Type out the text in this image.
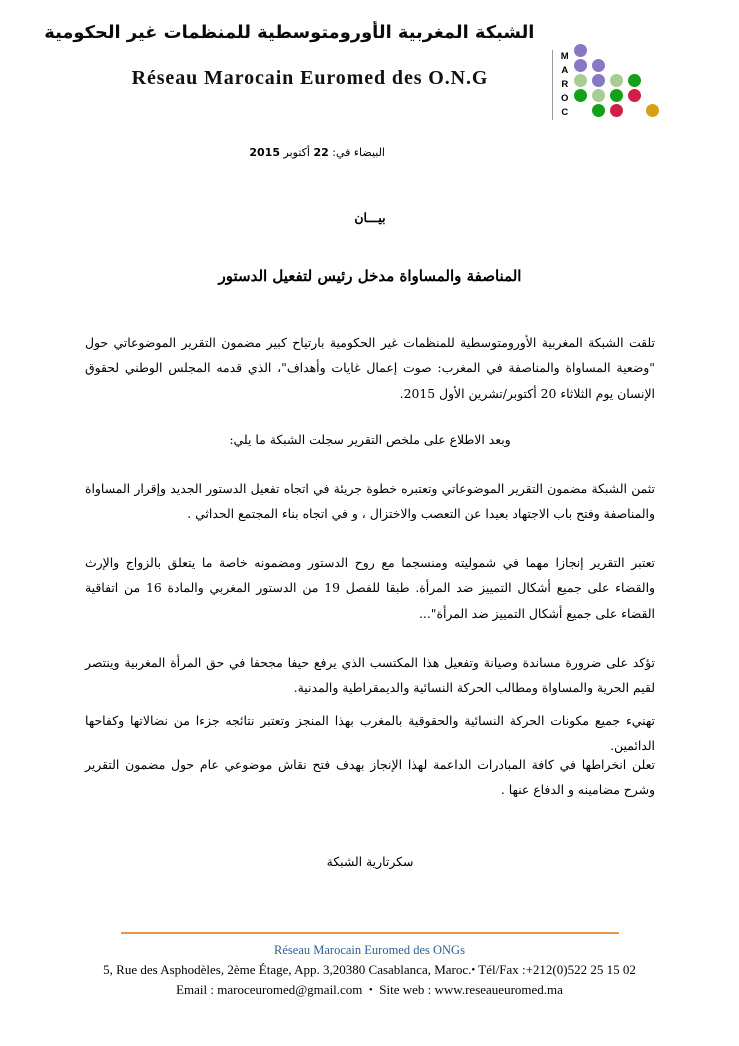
الشبكة المغربية الأورومتوسطية للمنظمات غير الحكومية
Réseau Marocain Euromed des O.N.G
M
A
R
O
C
البيضاء في: 22 أكتوبر 2015

بيـــان

المناصفة والمساواة مدخل رئيس لتفعيل الدستور

تلقت الشبكة المغربية الأورومتوسطية للمنظمات غير الحكومية بارتياح كبير مضمون التقرير الموضوعاتي حول "وضعية المساواة والمناصفة في المغرب: صوت إعمال غايات وأهداف"، الذي قدمه المجلس الوطني لحقوق الإنسان يوم الثلاثاء 20 أكتوبر/تشرين الأول 2015.

وبعد الاطلاع على ملخص التقرير سجلت الشبكة ما يلي:

تثمن الشبكة مضمون التقرير الموضوعاتي وتعتبره خطوة جريئة في اتجاه تفعيل الدستور الجديد وإقرار المساواة والمناصفة وفتح باب الاجتهاد بعيدا عن التعصب والاختزال ، و في اتجاه بناء المجتمع الحداثي .

تعتبر التقرير إنجازا مهما في شموليته ومنسجما مع روح الدستور ومضمونه خاصة ما يتعلق بالزواج والإرث والقضاء على جميع أشكال التمييز ضد المرأة. طبقا للفصل 19 من الدستور المغربي والمادة 16 من اتفاقية القضاء على جميع أشكال التمييز ضد المرأة"...

تؤكد على ضرورة مساندة وصيانة وتفعيل هذا المكتسب الذي يرفع حيفا مجحفا في حق المرأة المغربية وينتصر لقيم الحرية والمساواة ومطالب الحركة النسائية والديمقراطية والمدنية.

تهنيء جميع مكونات الحركة النسائية والحقوقية بالمغرب بهذا المنجز وتعتبر نتائجه جزءا من نضالاتها وكفاحها الدائمين.

تعلن انخراطها في كافة المبادرات الداعمة لهذا الإنجاز بهدف فتح نقاش موضوعي عام حول مضمون التقرير وشرح مضامينه و الدفاع عنها .

سكرتارية الشبكة

Réseau Marocain Euromed des ONGs
5, Rue des Asphodèles, 2ème Étage, App. 3,20380 Casablanca, Maroc.• Tél/Fax :+212(0)522 25 15 02
Email : maroceuromed@gmail.com • Site web : www.reseaueuromed.ma
